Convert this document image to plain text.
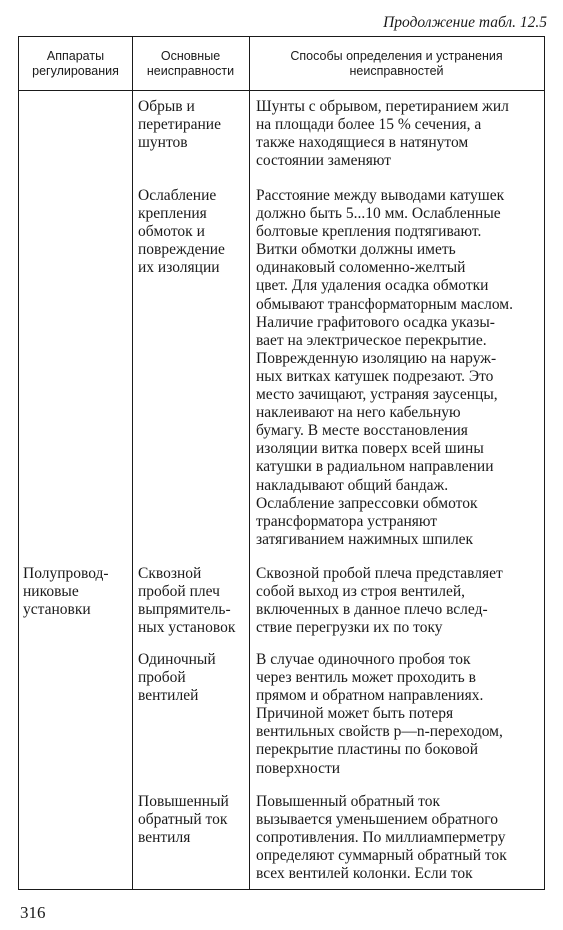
Продолжение табл. 12.5
Аппараты
регулирования
Основные
неисправности
Способы определения и устранения
неисправностей
Обрыв и
перетирание
шунтов
Шунты с обрывом, перетиранием жил
на площади более 15 % сечения, а
также находящиеся в натянутом
состоянии заменяют
Ослабление
крепления
обмоток и
повреждение
их изоляции
Расстояние между выводами катушек
должно быть 5...10 мм. Ослабленные
болтовые крепления подтягивают.
Витки обмотки должны иметь
одинаковый соломенно-желтый
цвет. Для удаления осадка обмотки
обмывают трансформаторным маслом.
Наличие графитового осадка указы-
вает на электрическое перекрытие.
Поврежденную изоляцию на наруж-
ных витках катушек подрезают. Это
место зачищают, устраняя заусенцы,
наклеивают на него кабельную
бумагу. В месте восстановления
изоляции витка поверх всей шины
катушки в радиальном направлении
накладывают общий бандаж.
Ослабление запрессовки обмоток
трансформатора устраняют
затягиванием нажимных шпилек
Полупровод-
никовые
установки
Сквозной
пробой плеч
выпрямитель-
ных установок
Сквозной пробой плеча представляет
собой выход из строя вентилей,
включенных в данное плечо вслед-
ствие перегрузки их по току
Одиночный
пробой
вентилей
В случае одиночного пробоя ток
через вентиль может проходить в
прямом и обратном направлениях.
Причиной может быть потеря
вентильных свойств p—n-переходом,
перекрытие пластины по боковой
поверхности
Повышенный
обратный ток
вентиля
Повышенный обратный ток
вызывается уменьшением обратного
сопротивления. По миллиамперметру
определяют суммарный обратный ток
всех вентилей колонки. Если ток
316
